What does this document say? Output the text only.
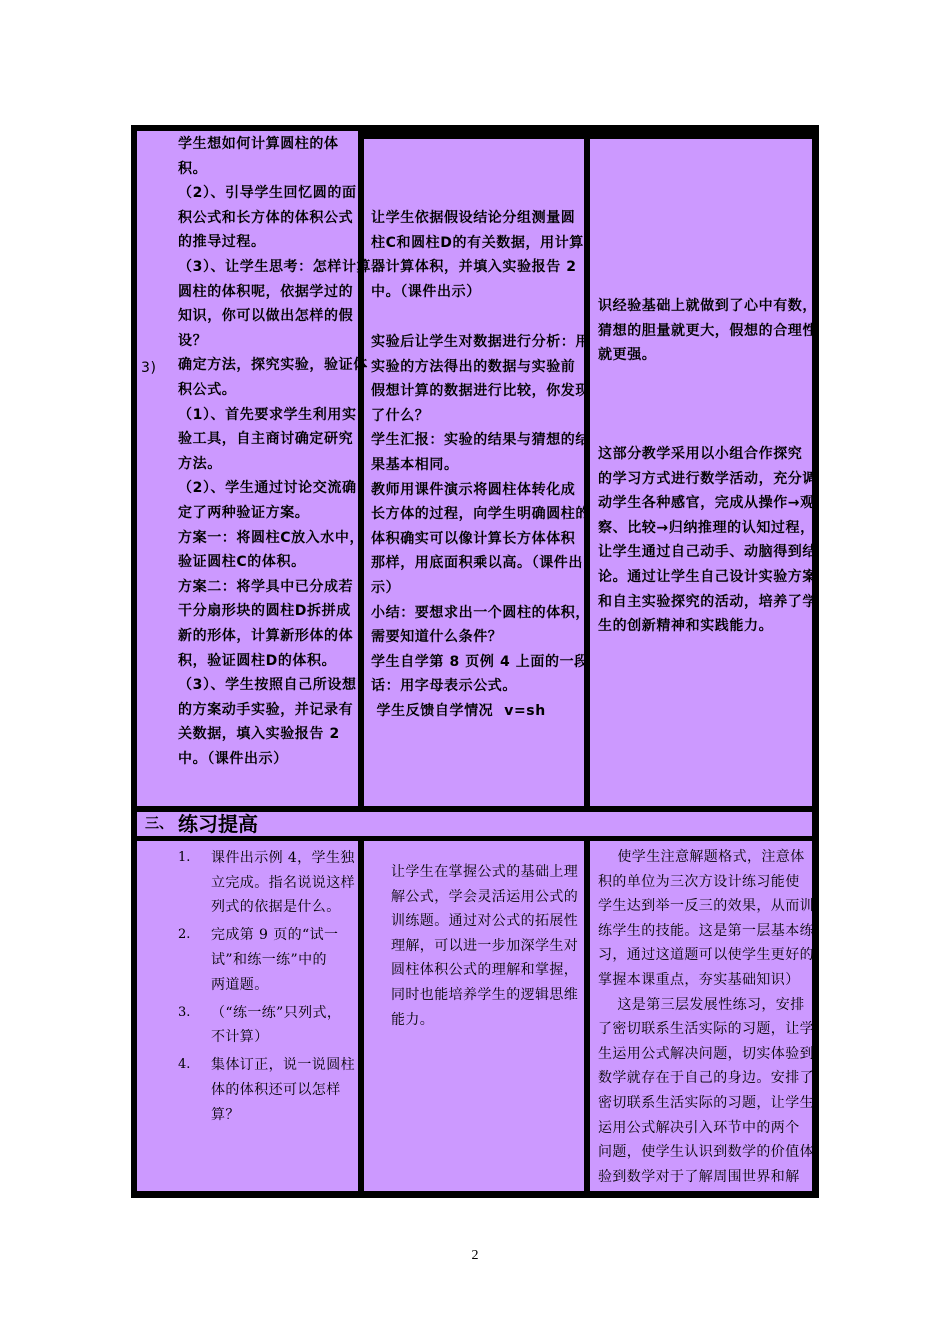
3)
学生想如何计算圆柱的体
积。
（2）、引导学生回忆圆的面
积公式和长方体的体积公式
的推导过程。
（3）、让学生思考：怎样计算
圆柱的体积呢，依据学过的
知识，你可以做出怎样的假
设？
确定方法，探究实验，验证体
积公式。
（1）、首先要求学生利用实
验工具，自主商讨确定研究
方法。
（2）、学生通过讨论交流确
定了两种验证方案。
方案一：将圆柱C放入水中，
验证圆柱C的体积。
方案二：将学具中已分成若
干分扇形块的圆柱D拆拼成
新的形体，计算新形体的体
积，验证圆柱D的体积。
（3）、学生按照自己所设想
的方案动手实验，并记录有
关数据，填入实验报告 2
中。（课件出示）
让学生依据假设结论分组测量圆
柱C和圆柱D的有关数据，用计算
器计算体积，并填入实验报告 2
中。（课件出示）
实验后让学生对数据进行分析：用
实验的方法得出的数据与实验前
假想计算的数据进行比较，你发现
了什么？
学生汇报：实验的结果与猜想的结
果基本相同。
教师用课件演示将圆柱体转化成
长方体的过程，向学生明确圆柱的
体积确实可以像计算长方体体积
那样，用底面积乘以高。（课件出
示）
小结：要想求出一个圆柱的体积，
需要知道什么条件？
学生自学第 8 页例 4 上面的一段
话：用字母表示公式。
学生反馈自学情况  v=sh
识经验基础上就做到了心中有数，
猜想的胆量就更大，假想的合理性
就更强。
这部分教学采用以小组合作探究
的学习方式进行数学活动，充分调
动学生各种感官，完成从操作→观
察、比较→归纳推理的认知过程，
让学生通过自己动手、动脑得到结
论。通过让学生自己设计实验方案
和自主实验探究的活动，培养了学
生的创新精神和实践能力。
三、 练习提高
1. 课件出示例 4，学生独
立完成。指名说说这样
列式的依据是什么。
2. 完成第 9 页的“试一
试”和练一练”中的
两道题。
3. （“练一练”只列式，
不计算）
4. 集体订正，说一说圆柱
体的体积还可以怎样
算？
让学生在掌握公式的基础上理
解公式，学会灵活运用公式的
训练题。通过对公式的拓展性
理解，可以进一步加深学生对
圆柱体积公式的理解和掌握，
同时也能培养学生的逻辑思维
能力。
使学生注意解题格式，注意体
积的单位为三次方设计练习能使
学生达到举一反三的效果，从而训
练学生的技能。这是第一层基本练
习，通过这道题可以使学生更好的
掌握本课重点，夯实基础知识）
这是第三层发展性练习，安排
了密切联系生活实际的习题，让学
生运用公式解决问题，切实体验到
数学就存在于自己的身边。安排了
密切联系生活实际的习题，让学生
运用公式解决引入环节中的两个
问题，使学生认识到数学的价值体
验到数学对于了解周围世界和解
2
